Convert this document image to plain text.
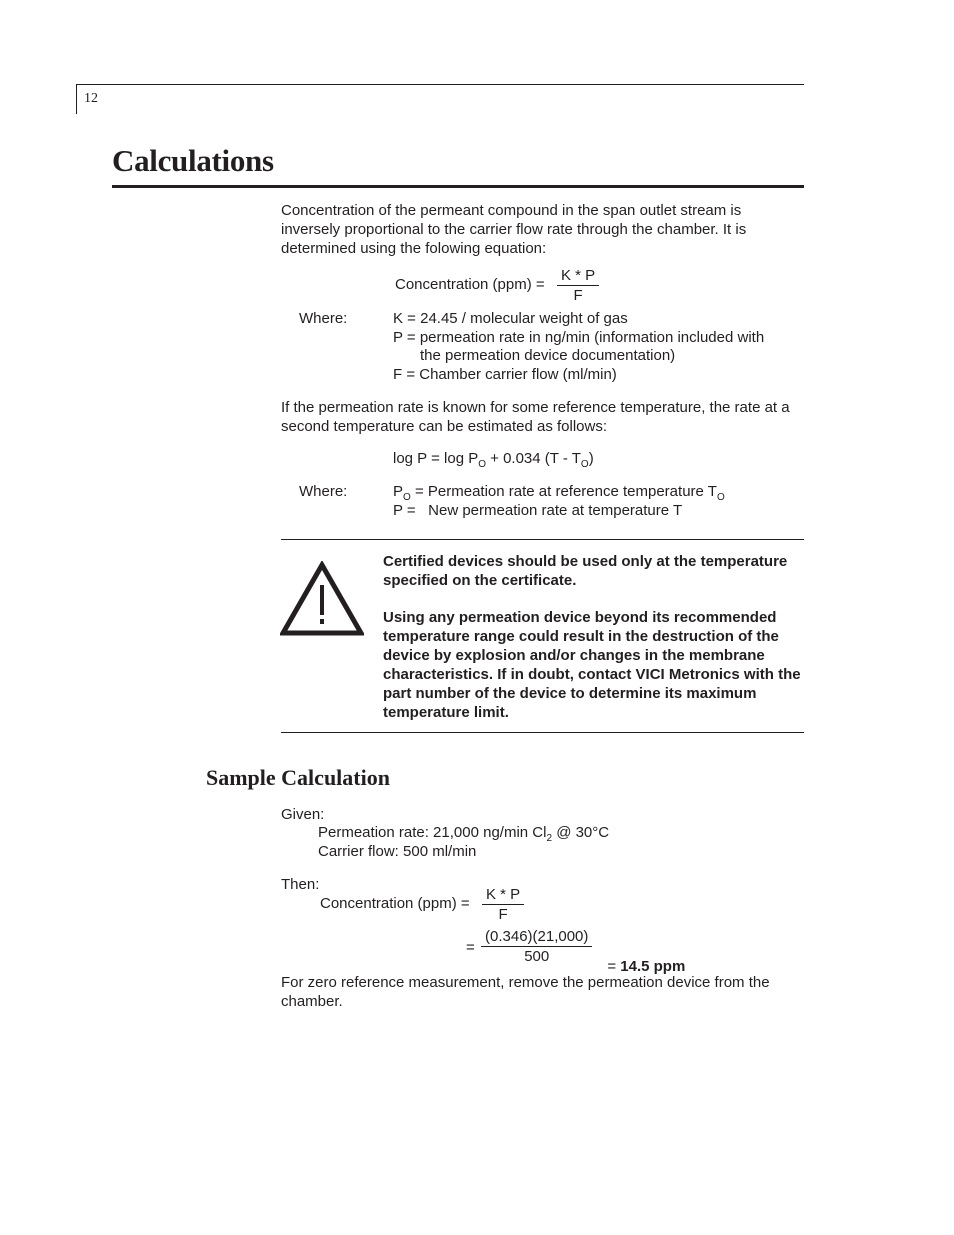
12
Calculations
Concentration of the permeant compound in the span outlet stream is inversely proportional to the carrier flow rate through the chamber. It is determined using the folowing equation:
Concentration $(ppm) = \frac{K * P}{F}$
Where:	K = 24.45 / molecular weight of gas
P = permeation rate in ng/min (information included with
the permeation device documentation)
F = Chamber carrier flow (ml/min)
If the permeation rate is known for some reference temperature, the rate at a second temperature can be estimated as follows:
$\log P = \log P_O + 0.034$ $(T - T_O)$
Where:	$P_O$ = Permeation rate at reference temperature $T_O$
P =   New permeation rate at temperature T
Certified devices should be used only at the temperature specified on the certificate.
Using any permeation device beyond its recommended temperature range could result in the destruction of the device by explosion and/or changes in the membrane characteristics. If in doubt, contact VICI Metronics with the part number of the device to determine its maximum temperature limit.
Sample Calculation
Given:
Permeation rate: 21,000 ng/min $Cl_2$ @ 30°C
Carrier flow: 500 ml/min
Then:
Concentration $(ppm) = \frac{K * P}{F}$
= $\frac{(0.346)(21,000)}{500}$

= 14.5 ppm

For zero reference measurement, remove the permeation device from the chamber.
